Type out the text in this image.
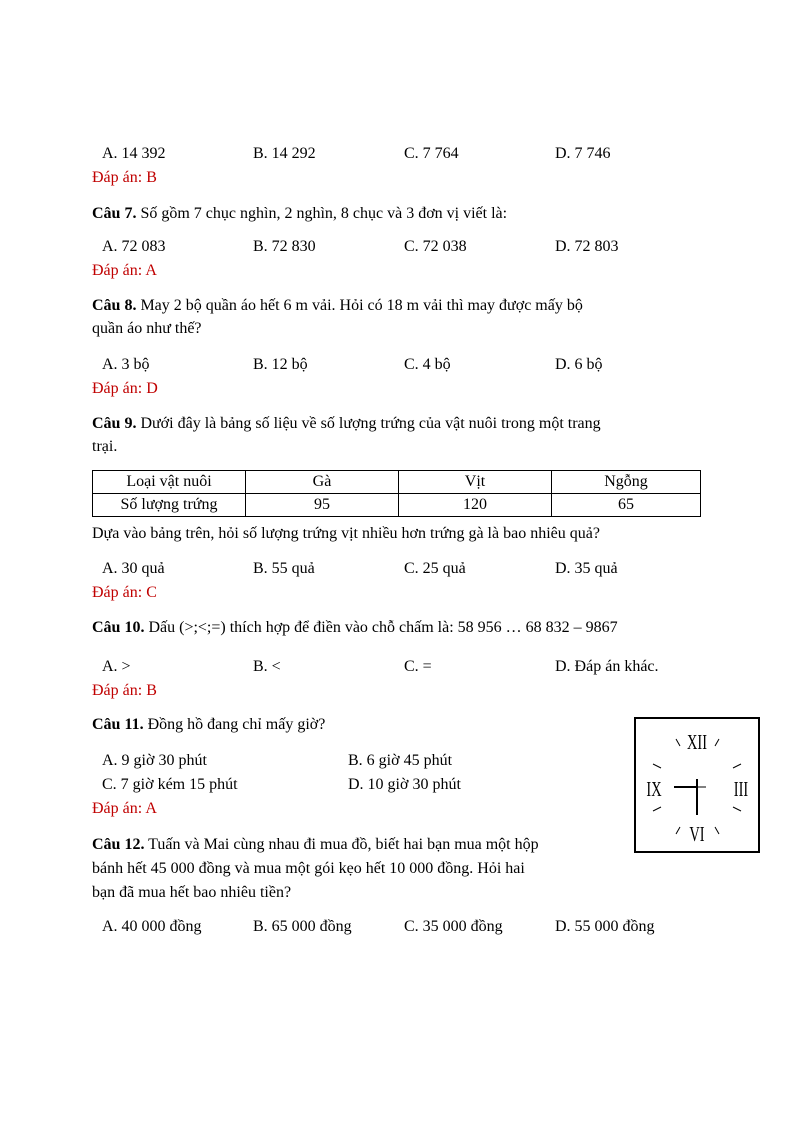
A. 14 392	B. 14 292	C. 7 764	D. 7 746
Đáp án: B
Câu 7. Số gồm 7 chục nghìn, 2 nghìn, 8 chục và 3 đơn vị viết là:
A. 72 083	B. 72 830	C. 72 038	D. 72 803
Đáp án: A
Câu 8. May 2 bộ quần áo hết 6 m vải. Hỏi có 18 m vải thì may được mấy bộ
quần áo như thế?
A. 3 bộ	B. 12 bộ	C. 4 bộ	D. 6 bộ
Đáp án: D
Câu 9. Dưới đây là bảng số liệu về số lượng trứng của vật nuôi trong một trang
trại.
Loại vật nuôi	Gà	Vịt	Ngỗng
Số lượng trứng	95	120	65
Dựa vào bảng trên, hỏi số lượng trứng vịt nhiều hơn trứng gà là bao nhiêu quả?
A. 30 quả	B. 55 quả	C. 25 quả	D. 35 quả
Đáp án: C
Câu 10. Dấu (>;<;=) thích hợp để điền vào chỗ chấm là: 58 956 … 68 832 – 9867
A. >	B. <	C. =	D. Đáp án khác.
Đáp án: B
Câu 11. Đồng hồ đang chỉ mấy giờ?
A. 9 giờ 30 phút	B. 6 giờ 45 phút
C. 7 giờ kém 15 phút	D. 10 giờ 30 phút
Đáp án: A
XII
III
VI
IX
Câu 12. Tuấn và Mai cùng nhau đi mua đồ, biết hai bạn mua một hộp
bánh hết 45 000 đồng và mua một gói kẹo hết 10 000 đồng. Hỏi hai
bạn đã mua hết bao nhiêu tiền?
A. 40 000 đồng	B. 65 000 đồng	C. 35 000 đồng	D. 55 000 đồng
